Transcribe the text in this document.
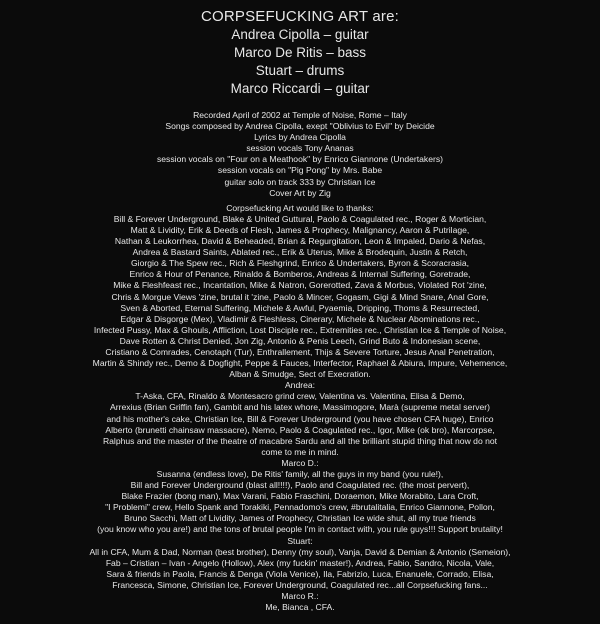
CORPSEFUCKING ART are:
Andrea Cipolla – guitar
Marco De Ritis – bass
Stuart – drums
Marco Riccardi – guitar
Recorded April of 2002 at Temple of Noise, Rome – Italy
Songs composed by Andrea Cipolla, exept "Oblivius to Evil" by Deicide
Lyrics by Andrea Cipolla
session vocals Tony Ananas
session vocals on "Four on a Meathook" by Enrico Giannone (Undertakers)
session vocals on "Pig Pong" by Mrs. Babe
guitar solo on track 333 by Christian Ice
Cover Art by Zig
Corpsefucking Art would like to thanks:
Bill & Forever Underground, Blake & United Guttural, Paolo & Coagulated rec., Roger & Mortician,
Matt & Lividity, Erik & Deeds of Flesh, James & Prophecy, Malignancy, Aaron & Putrilage,
Nathan & Leukorrhea, David & Beheaded, Brian & Regurgitation, Leon & Impaled, Dario & Nefas,
Andrea & Bastard Saints, Ablated rec., Erik & Uterus, Mike & Brodequin, Justin & Retch,
Giorgio & The Spew rec., Rich & Fleshgrind, Enrico & Undertakers, Byron & Scoracrasia,
Enrico & Hour of Penance, Rinaldo & Bomberos, Andreas & Internal Suffering, Goretrade,
Mike & Fleshfeast rec., Incantation, Mike & Natron, Gorerotted, Zava & Morbus, Violated Rot 'zine,
Chris & Morgue Views 'zine, brutal it 'zine, Paolo & Mincer, Gogasm, Gigi & Mind Snare, Anal Gore,
Sven & Aborted, Eternal Suffering, Michele & Awful, Pyaemia, Dripping, Thoms & Resurrected,
Edgar & Disgorge (Mex), Vladimir & Fleshless, Cinerary, Michele & Nuclear Abominations rec.,
Infected Pussy, Max & Ghouls, Affliction, Lost Disciple rec., Extremities rec., Christian Ice & Temple of Noise,
Dave Rotten & Christ Denied, Jon Zig, Antonio & Penis Leech, Grind Buto & Indonesian scene,
Cristiano & Comrades, Cenotaph (Tur), Enthrallement, Thijs & Severe Torture, Jesus Anal Penetration,
Martin & Shindy rec., Demo & Dogfight, Peppe & Fauces, Interfector, Raphael & Abiura, Impure, Vehemence,
Alban & Smudge, Sect of Execration.
Andrea:
T-Aska, CFA, Rinaldo & Montesacro grind crew, Valentina vs. Valentina, Elisa & Demo,
Arrexius (Brian Griffin fan), Gambit and his latex whore, Massimogore, Marà (supreme metal server)
and his mother's cake, Christian Ice, Bill & Forever Underground (you have chosen CFA huge), Enrico
Alberto (brunetti chainsaw massacre), Nemo, Paolo & Coagulated rec., Igor, Mike (ok bro), Marcorpse,
Ralphus and the master of the theatre of macabre Sardu and all the brilliant stupid thing that now do not
come to me in mind.
Marco D.:
Susanna (endless love), De Ritis' family, all the guys in my band (you rule!),
Bill and Forever Underground (blast all!!!!), Paolo and Coagulated rec. (the most pervert),
Blake Frazier (bong man), Max Varani, Fabio Fraschini, Doraemon, Mike Morabito, Lara Croft,
"I Problemi" crew, Hello Spank and Torakiki, Pennadomo's crew, #brutalitalia, Enrico Giannone, Pollon,
Bruno Sacchi, Matt of Lividity, James of Prophecy, Christian Ice wide shut, all my true friends
(you know who you are!) and the tons of brutal people I'm in contact with, you rule guys!!! Support brutality!
Stuart:
All in CFA, Mum & Dad, Norman (best brother), Denny (my soul), Vanja, David & Demian & Antonio (Semeion),
Fab – Cristian – Ivan - Angelo (Hollow), Alex (my fuckin' master!), Andrea, Fabio, Sandro, Nicola, Vale,
Sara & friends in Paola, Francis & Denga (Viola Venice), Ila, Fabrizio, Luca, Enanuele, Corrado, Elisa,
Francesca, Simone, Christian Ice, Forever Underground, Coagulated rec...all Corpsefucking fans...
Marco R.:
Me, Bianca , CFA.
